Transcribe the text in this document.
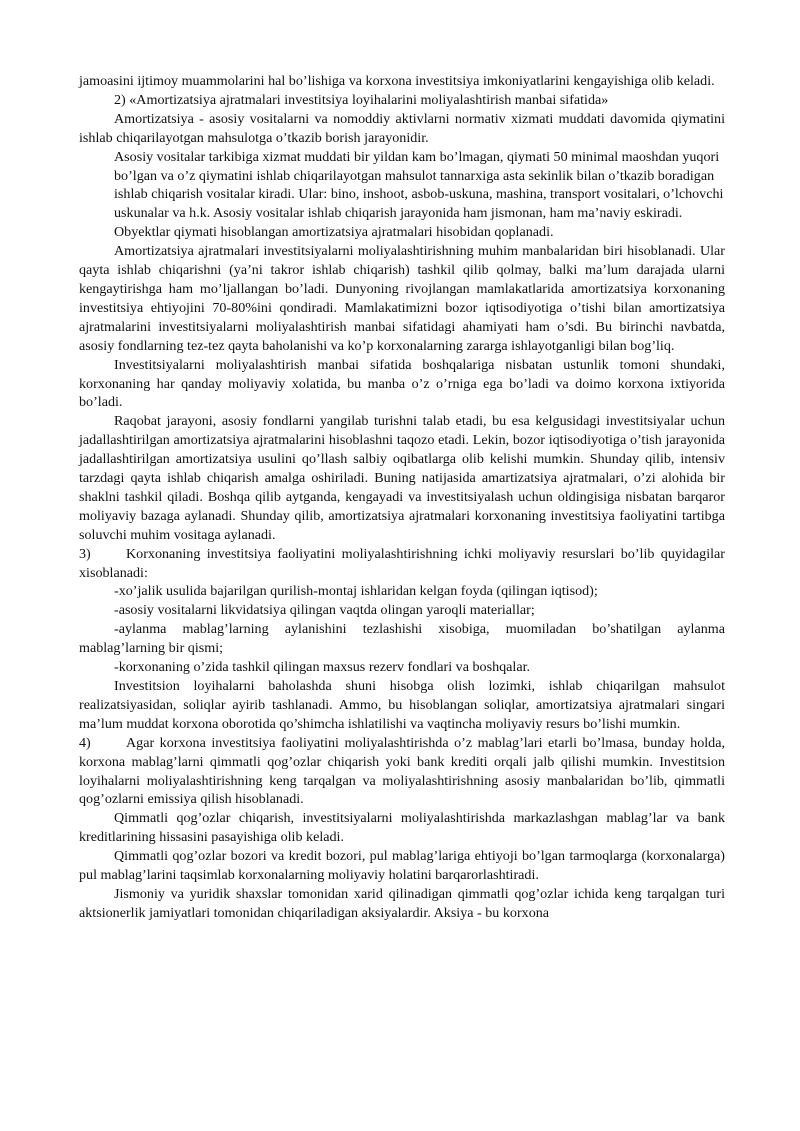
jamoasini ijtimoy muammolarini hal bo’lishiga va korxona investitsiya imkoniyatlarini kengayishiga olib keladi.

2) «Amortizatsiya ajratmalari investitsiya loyihalarini moliyalashtirish manbai sifatida»

Amortizatsiya - asosiy vositalarni va nomoddiy aktivlarni normativ xizmati muddati davomida qiymatini ishlab chiqarilayotgan mahsulotga o’tkazib borish jarayonidir.

Asosiy vositalar tarkibiga xizmat muddati bir yildan kam bo’lmagan, qiymati 50 minimal maoshdan yuqori bo’lgan va o’z qiymatini ishlab chiqarilayotgan mahsulot tannarxiga asta sekinlik bilan o’tkazib boradigan ishlab chiqarish vositalar kiradi. Ular: bino, inshoot, asbob-uskuna, mashina, transport vositalari, o’lchovchi uskunalar va h.k. Asosiy vositalar ishlab chiqarish jarayonida ham jismonan, ham ma’naviy eskiradi. Obyektlar qiymati hisoblangan amortizatsiya ajratmalari hisobidan qoplanadi.

Amortizatsiya ajratmalari investitsiyalarni moliyalashtirishning muhim manbalaridan biri hisoblanadi. Ular qayta ishlab chiqarishni (ya’ni takror ishlab chiqarish) tashkil qilib qolmay, balki ma’lum darajada ularni kengaytirishga ham mo’ljallangan bo’ladi. Dunyoning rivojlangan mamlakatlarida amortizatsiya korxonaning investitsiya ehtiyojini 70-80%ini qondiradi. Mamlakatimizni bozor iqtisodiyotiga o’tishi bilan amortizatsiya ajratmalarini investitsiyalarni moliyalashtirish manbai sifatidagi ahamiyati ham o’sdi. Bu birinchi navbatda, asosiy fondlarning tez-tez qayta baholanishi va ko’p korxonalarning zararga ishlayotganligi bilan bog’liq.

Investitsiyalarni moliyalashtirish manbai sifatida boshqalariga nisbatan ustunlik tomoni shundaki, korxonaning har qanday moliyaviy xolatida, bu manba o’z o’rniga ega bo’ladi va doimo korxona ixtiyorida bo’ladi.

Raqobat jarayoni, asosiy fondlarni yangilab turishni talab etadi, bu esa kelgusidagi investitsiyalar uchun jadallashtirilgan amortizatsiya ajratmalarini hisoblashni taqozo etadi. Lekin, bozor iqtisodiyotiga o’tish jarayonida jadallashtirilgan amortizatsiya usulini qo’llash salbiy oqibatlarga olib kelishi mumkin. Shunday qilib, intensiv tarzdagi qayta ishlab chiqarish amalga oshiriladi. Buning natijasida amartizatsiya ajratmalari, o’zi alohida bir shaklni tashkil qiladi. Boshqa qilib aytganda, kengayadi va investitsiyalash uchun oldingisiga nisbatan barqaror moliyaviy bazaga aylanadi. Shunday qilib, amortizatsiya ajratmalari korxonaning investitsiya faoliyatini tartibga soluvchi muhim vositaga aylanadi.

3)	Korxonaning investitsiya faoliyatini moliyalashtirishning ichki moliyaviy resurslari bo’lib quyidagilar xisoblanadi:

-xo’jalik usulida bajarilgan qurilish-montaj ishlaridan kelgan foyda (qilingan iqtisod);

-asosiy vositalarni likvidatsiya qilingan vaqtda olingan yaroqli materiallar;

-aylanma mablag’larning aylanishini tezlashishi xisobiga, muomiladan bo’shatilgan aylanma mablag’larning bir qismi;

-korxonaning o’zida tashkil qilingan maxsus rezerv fondlari va boshqalar.

Investitsion loyihalarni baholashda shuni hisobga olish lozimki, ishlab chiqarilgan mahsulot realizatsiyasidan, soliqlar ayirib tashlanadi. Ammo, bu hisoblangan soliqlar, amortizatsiya ajratmalari singari ma’lum muddat korxona oborotida qo’shimcha ishlatilishi va vaqtincha moliyaviy resurs bo’lishi mumkin.

4)	Agar korxona investitsiya faoliyatini moliyalashtirishda o’z mablag’lari etarli bo’lmasa, bunday holda, korxona mablag’larni qimmatli qog’ozlar chiqarish yoki bank krediti orqali jalb qilishi mumkin. Investitsion loyihalarni moliyalashtirishning keng tarqalgan va moliyalashtirishning asosiy manbalaridan bo’lib, qimmatli qog’ozlarni emissiya qilish hisoblanadi.

Qimmatli qog’ozlar chiqarish, investitsiyalarni moliyalashtirishda markazlashgan mablag’lar va bank kreditlarining hissasini pasayishiga olib keladi.

Qimmatli qog’ozlar bozori va kredit bozori, pul mablag’lariga ehtiyoji bo’lgan tarmoqlarga (korxonalarga) pul mablag’larini taqsimlab korxonalarning moliyaviy holatini barqarorlashtiradi.

Jismoniy va yuridik shaxslar tomonidan xarid qilinadigan qimmatli qog’ozlar ichida keng tarqalgan turi aktsionerlik jamiyatlari tomonidan chiqariladigan aksiyalardir. Aksiya - bu korxona
